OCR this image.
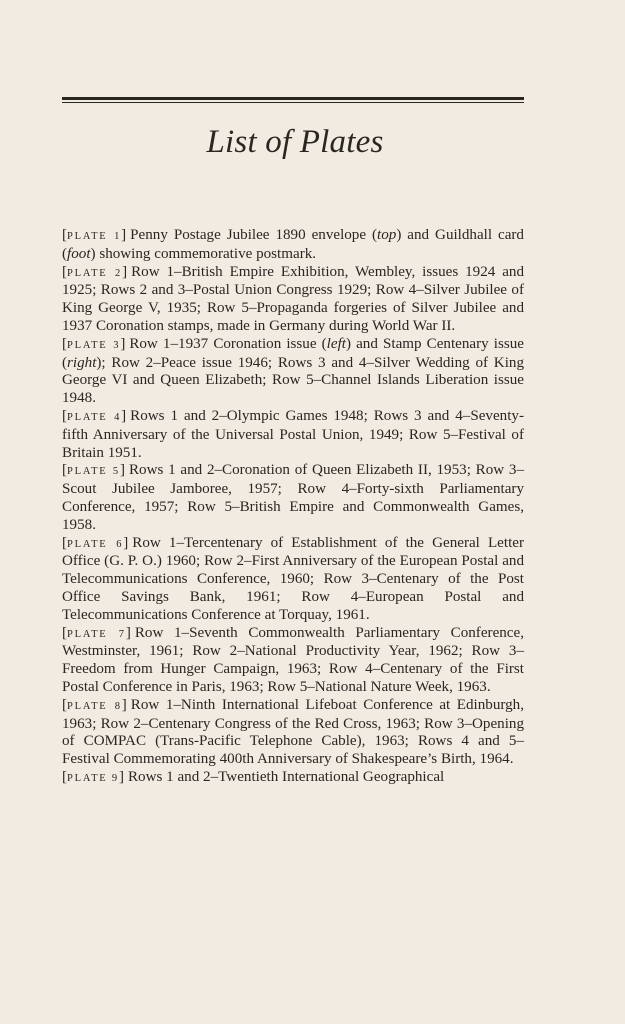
List of Plates

[PLATE 1] Penny Postage Jubilee 1890 envelope (top) and Guildhall card (foot) showing commemorative postmark.

[PLATE 2] Row 1–British Empire Exhibition, Wembley, issues 1924 and 1925; Rows 2 and 3–Postal Union Congress 1929; Row 4–Silver Jubilee of King George V, 1935; Row 5–Propaganda forgeries of Silver Jubilee and 1937 Coronation stamps, made in Germany during World War II.

[PLATE 3] Row 1–1937 Coronation issue (left) and Stamp Centenary issue (right); Row 2–Peace issue 1946; Rows 3 and 4–Silver Wedding of King George VI and Queen Elizabeth; Row 5–Channel Islands Liberation issue 1948.

[PLATE 4] Rows 1 and 2–Olympic Games 1948; Rows 3 and 4–Seventy-fifth Anniversary of the Universal Postal Union, 1949; Row 5–Festival of Britain 1951.

[PLATE 5] Rows 1 and 2–Coronation of Queen Elizabeth II, 1953; Row 3–Scout Jubilee Jamboree, 1957; Row 4–Forty-sixth Parliamentary Conference, 1957; Row 5–British Empire and Commonwealth Games, 1958.

[PLATE 6] Row 1–Tercentenary of Establishment of the General Letter Office (G. P. O.) 1960; Row 2–First Anniversary of the European Postal and Telecommunications Conference, 1960; Row 3–Centenary of the Post Office Savings Bank, 1961; Row 4–European Postal and Telecommunications Conference at Torquay, 1961.

[PLATE 7] Row 1–Seventh Commonwealth Parliamentary Conference, Westminster, 1961; Row 2–National Productivity Year, 1962; Row 3–Freedom from Hunger Campaign, 1963; Row 4–Centenary of the First Postal Conference in Paris, 1963; Row 5–National Nature Week, 1963.

[PLATE 8] Row 1–Ninth International Lifeboat Conference at Edinburgh, 1963; Row 2–Centenary Congress of the Red Cross, 1963; Row 3–Opening of COMPAC (Trans-Pacific Telephone Cable), 1963; Rows 4 and 5–Festival Commemorating 400th Anniversary of Shakespeare’s Birth, 1964.

[PLATE 9] Rows 1 and 2–Twentieth International Geographical
